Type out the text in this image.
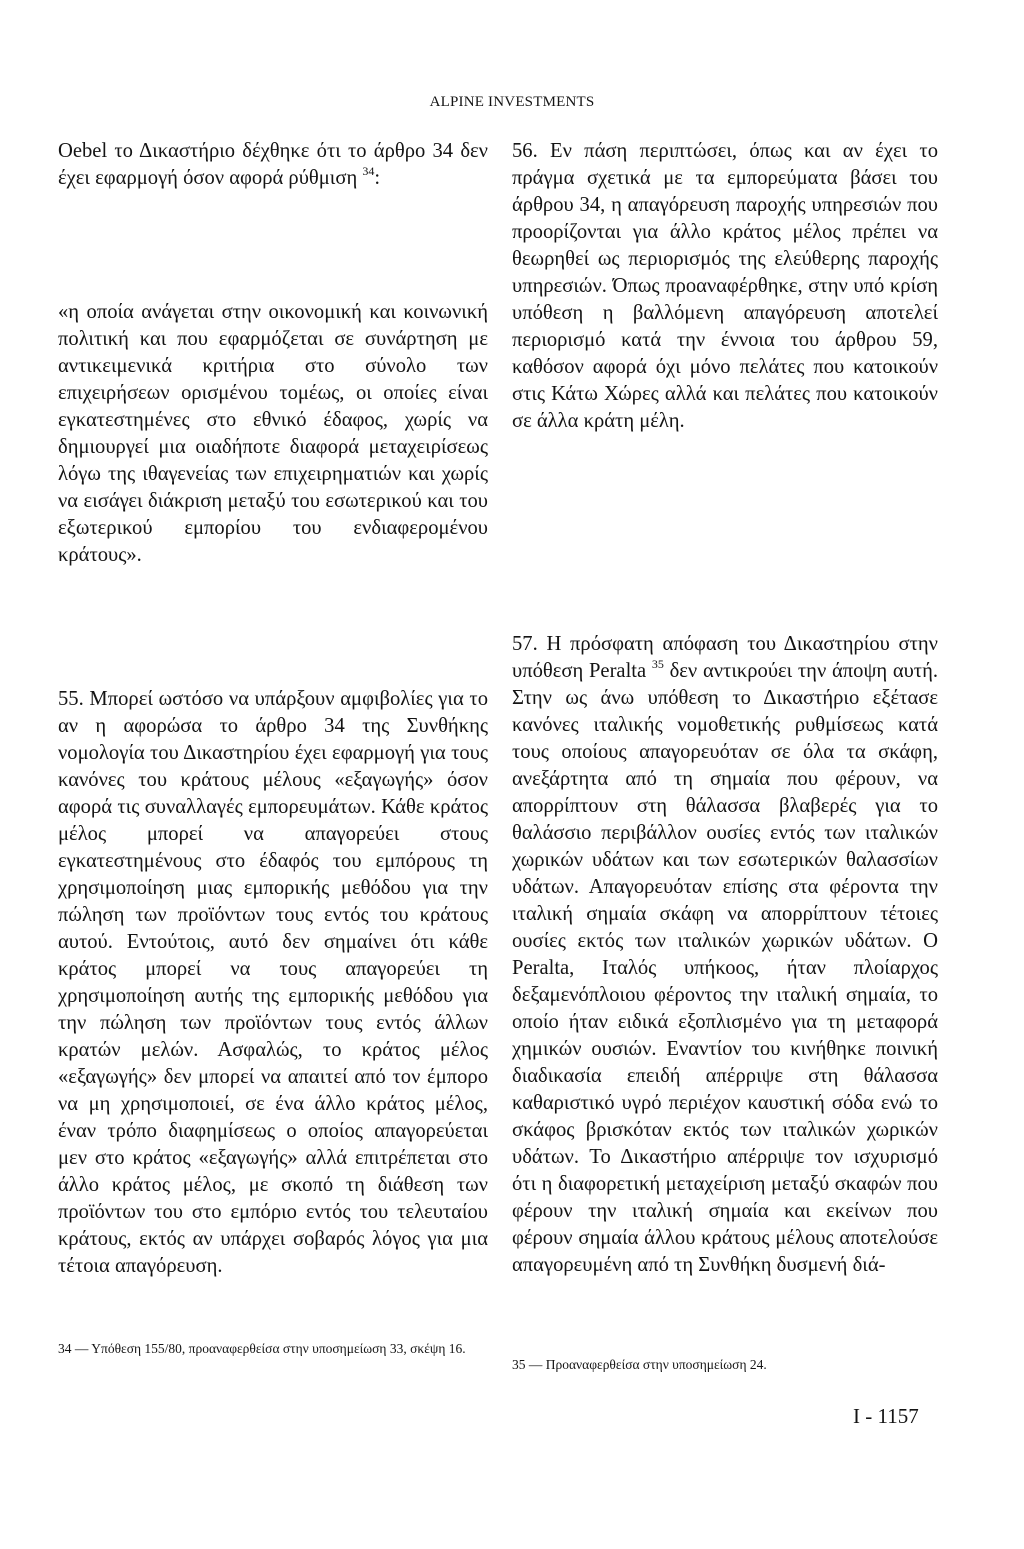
ALPINE INVESTMENTS

Oebel το Δικαστήριο δέχθηκε ότι το άρθρο 34 δεν έχει εφαρμογή όσον αφορά ρύθμιση $^{34}$:

«η οποία ανάγεται στην οικονομική και κοινωνική πολιτική και που εφαρμόζεται σε συνάρτηση με αντικειμενικά κριτήρια στο σύνολο των επιχειρήσεων ορισμένου τομέως, οι οποίες είναι εγκατεστημένες στο εθνικό έδαφος, χωρίς να δημιουργεί μια οιαδήποτε διαφορά μεταχειρίσεως λόγω της ιθαγενείας των επιχειρηματιών και χωρίς να εισάγει διάκριση μεταξύ του εσωτερικού και του εξωτερικού εμπορίου του ενδιαφερομένου κράτους».

55. Μπορεί ωστόσο να υπάρξουν αμφιβολίες για το αν η αφορώσα το άρθρο 34 της Συνθήκης νομολογία του Δικαστηρίου έχει εφαρμογή για τους κανόνες του κράτους μέλους «εξαγωγής» όσον αφορά τις συναλλαγές εμπορευμάτων. Κάθε κράτος μέλος μπορεί να απαγορεύει στους εγκατεστημένους στο έδαφός του εμπόρους τη χρησιμοποίηση μιας εμπορικής μεθόδου για την πώληση των προϊόντων τους εντός του κράτους αυτού. Εντούτοις, αυτό δεν σημαίνει ότι κάθε κράτος μπορεί να τους απαγορεύει τη χρησιμοποίηση αυτής της εμπορικής μεθόδου για την πώληση των προϊόντων τους εντός άλλων κρατών μελών. Ασφαλώς, το κράτος μέλος «εξαγωγής» δεν μπορεί να απαιτεί από τον έμπορο να μη χρησιμοποιεί, σε ένα άλλο κράτος μέλος, έναν τρόπο διαφημίσεως ο οποίος απαγορεύεται μεν στο κράτος «εξαγωγής» αλλά επιτρέπεται στο άλλο κράτος μέλος, με σκοπό τη διάθεση των προϊόντων του στο εμπόριο εντός του τελευταίου κράτους, εκτός αν υπάρχει σοβαρός λόγος για μια τέτοια απαγόρευση.

56. Εν πάση περιπτώσει, όπως και αν έχει το πράγμα σχετικά με τα εμπορεύματα βάσει του άρθρου 34, η απαγόρευση παροχής υπηρεσιών που προορίζονται για άλλο κράτος μέλος πρέπει να θεωρηθεί ως περιορισμός της ελεύθερης παροχής υπηρεσιών. Όπως προαναφέρθηκε, στην υπό κρίση υπόθεση η βαλλόμενη απαγόρευση αποτελεί περιορισμό κατά την έννοια του άρθρου 59, καθόσον αφορά όχι μόνο πελάτες που κατοικούν στις Κάτω Χώρες αλλά και πελάτες που κατοικούν σε άλλα κράτη μέλη.

57. Η πρόσφατη απόφαση του Δικαστηρίου στην υπόθεση Peralta $^{35}$ δεν αντικρούει την άποψη αυτή. Στην ως άνω υπόθεση το Δικαστήριο εξέτασε κανόνες ιταλικής νομοθετικής ρυθμίσεως κατά τους οποίους απαγορευόταν σε όλα τα σκάφη, ανεξάρτητα από τη σημαία που φέρουν, να απορρίπτουν στη θάλασσα βλαβερές για το θαλάσσιο περιβάλλον ουσίες εντός των ιταλικών χωρικών υδάτων και των εσωτερικών θαλασσίων υδάτων. Απαγορευόταν επίσης στα φέροντα την ιταλική σημαία σκάφη να απορρίπτουν τέτοιες ουσίες εκτός των ιταλικών χωρικών υδάτων. Ο Peralta, Ιταλός υπήκοος, ήταν πλοίαρχος δεξαμενόπλοιου φέροντος την ιταλική σημαία, το οποίο ήταν ειδικά εξοπλισμένο για τη μεταφορά χημικών ουσιών. Εναντίον του κινήθηκε ποινική διαδικασία επειδή απέρριψε στη θάλασσα καθαριστικό υγρό περιέχον καυστική σόδα ενώ το σκάφος βρισκόταν εκτός των ιταλικών χωρικών υδάτων. Το Δικαστήριο απέρριψε τον ισχυρισμό ότι η διαφορετική μεταχείριση μεταξύ σκαφών που φέρουν την ιταλική σημαία και εκείνων που φέρουν σημαία άλλου κράτους μέλους αποτελούσε απαγορευμένη από τη Συνθήκη δυσμενή διά-

34 — Υπόθεση 155/80, προαναφερθείσα στην υποσημείωση 33, σκέψη 16.
35 — Προαναφερθείσα στην υποσημείωση 24.
I - 1157
